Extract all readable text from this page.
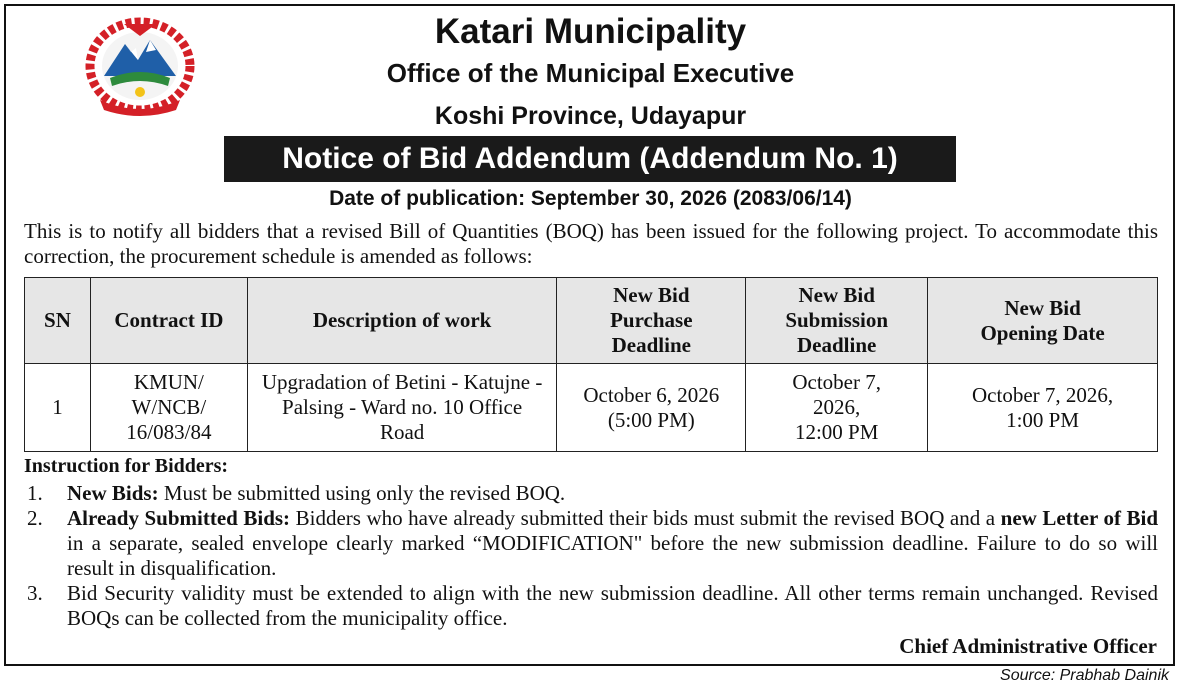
Katari Municipality
Office of the Municipal Executive
Koshi Province, Udayapur
Notice of Bid Addendum (Addendum No. 1)
Date of publication: September 30, 2026 (2083/06/14)
This is to notify all bidders that a revised Bill of Quantities (BOQ) has been issued for the following project. To accommodate this correction, the procurement schedule is amended as follows:
SN	Contract ID	Description of work	New Bid Purchase Deadline	New Bid Submission Deadline	New Bid Opening Date
1	KMUN/ W/NCB/ 16/083/84	Upgradation of Betini - Katujne - Palsing - Ward no. 10 Office Road	October 6, 2026 (5:00 PM)	October 7, 2026, 12:00 PM	October 7, 2026, 1:00 PM
Instruction for Bidders:
1. New Bids: Must be submitted using only the revised BOQ.
2. Already Submitted Bids: Bidders who have already submitted their bids must submit the revised BOQ and a new Letter of Bid in a separate, sealed envelope clearly marked “MODIFICATION" before the new submission deadline. Failure to do so will result in disqualification.
3. Bid Security validity must be extended to align with the new submission deadline. All other terms remain unchanged. Revised BOQs can be collected from the municipality office.
Chief Administrative Officer
Source: Prabhab Dainik
